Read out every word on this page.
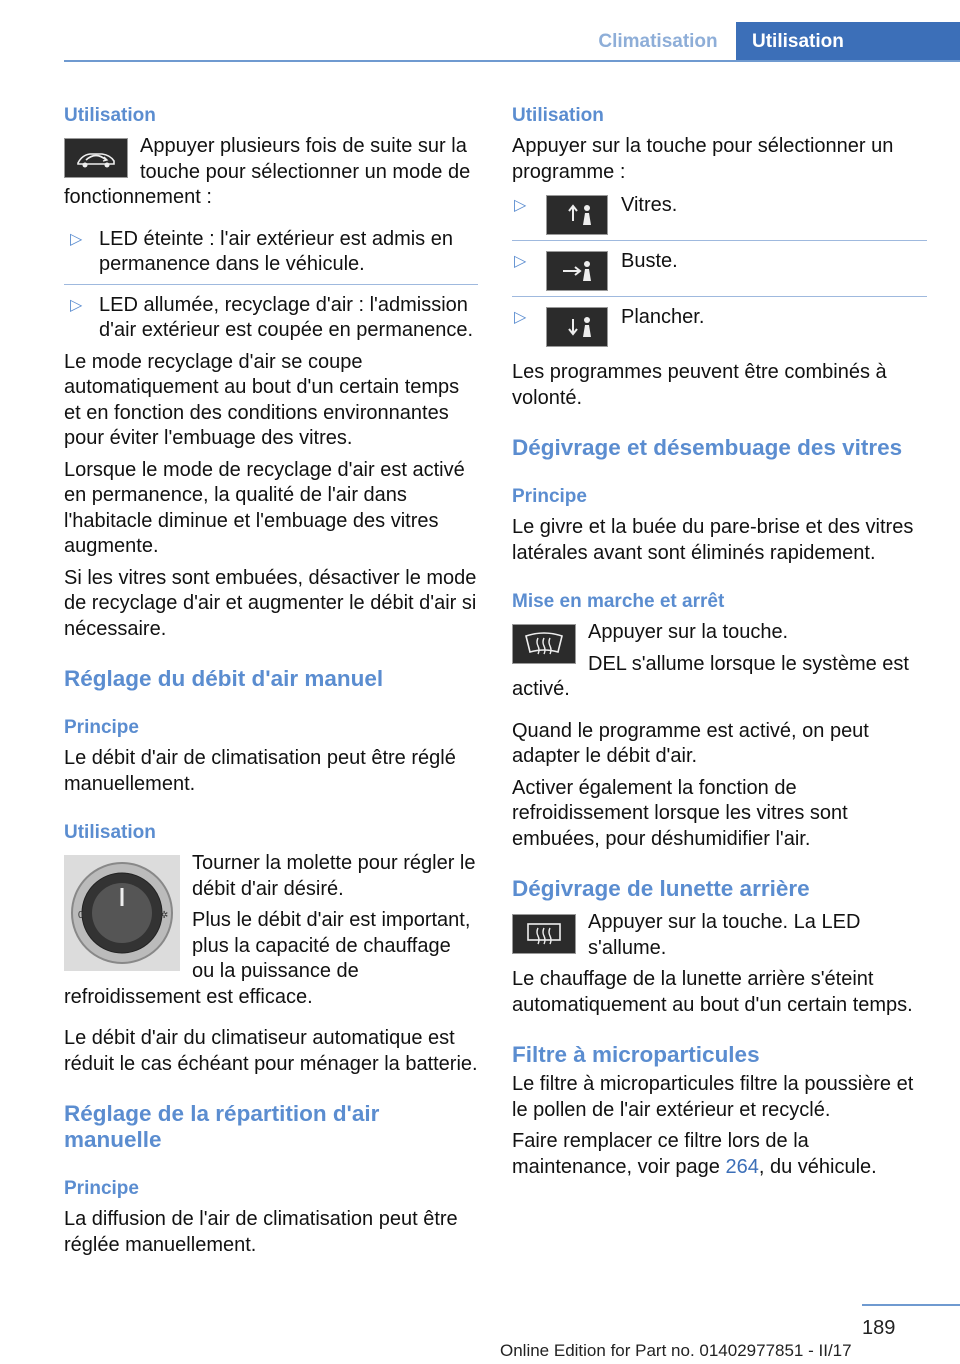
Climatisation	Utilisation
Utilisation

Appuyer plusieurs fois de suite sur la touche pour sélectionner un mode de fonctionnement :

▷ LED éteinte : l'air extérieur est admis en permanence dans le véhicule.
▷ LED allumée, recyclage d'air : l'admission d'air extérieur est coupée en permanence.

Le mode recyclage d'air se coupe automatiquement au bout d'un certain temps et en fonction des conditions environnantes pour éviter l'embuage des vitres.

Lorsque le mode de recyclage d'air est activé en permanence, la qualité de l'air dans l'habitacle diminue et l'embuage des vitres augmente.

Si les vitres sont embuées, désactiver le mode de recyclage d'air et augmenter le débit d'air si nécessaire.

Réglage du débit d'air manuel
Principe

Le débit d'air de climatisation peut être réglé manuellement.

Utilisation
0	✲

Tourner la molette pour régler le débit d'air désiré.

Plus le débit d'air est important, plus la capacité de chauffage ou la puissance de refroidissement est efficace.

Le débit d'air du climatiseur automatique est réduit le cas échéant pour ménager la batterie.

Réglage de la répartition d'air manuelle
Principe

La diffusion de l'air de climatisation peut être réglée manuellement.

Utilisation

Appuyer sur la touche pour sélectionner un programme :

▷	Vitres.
▷	Buste.
▷	Plancher.

Les programmes peuvent être combinés à volonté.

Dégivrage et désembuage des vitres
Principe

Le givre et la buée du pare-brise et des vitres latérales avant sont éliminés rapidement.

Mise en marche et arrêt

Appuyer sur la touche.

DEL s'allume lorsque le système est activé.

Quand le programme est activé, on peut adapter le débit d'air.

Activer également la fonction de refroidissement lorsque les vitres sont embuées, pour déshumidifier l'air.

Dégivrage de lunette arrière

Appuyer sur la touche. La LED s'allume.

Le chauffage de la lunette arrière s'éteint automatiquement au bout d'un certain temps.

Filtre à microparticules

Le filtre à microparticules filtre la poussière et le pollen de l'air extérieur et recyclé.

Faire remplacer ce filtre lors de la maintenance, voir page 264, du véhicule.

189
Online Edition for Part no. 01402977851 - II/17
